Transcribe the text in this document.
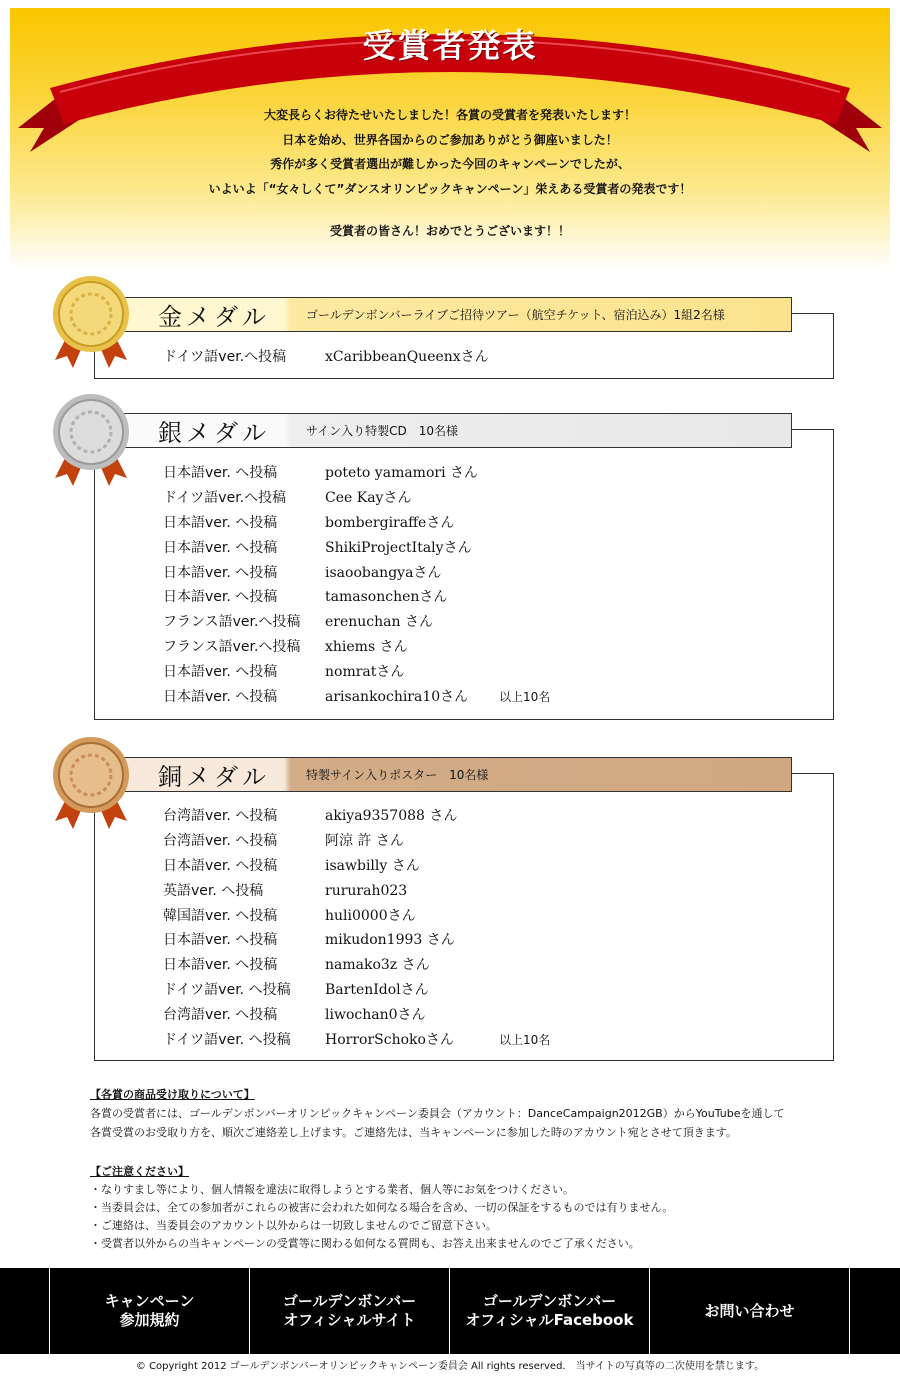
受賞者発表
大変長らくお待たせいたしました！各賞の受賞者を発表いたします！
日本を始め、世界各国からのご参加ありがとう御座いました！
秀作が多く受賞者選出が難しかった今回のキャンペーンでしたが、
いよいよ「“女々しくて”ダンスオリンピックキャンペーン」栄えある受賞者の発表です！
受賞者の皆さん！おめでとうございます！！
金メダル	ゴールデンボンバーライブご招待ツアー（航空チケット、宿泊込み）1組2名様
ドイツ語ver.へ投稿	xCaribbeanQueenxさん
銀メダル	サイン入り特製CD　10名様
日本語ver. へ投稿	poteto yamamori さん
ドイツ語ver.へ投稿	Cee Kayさん
日本語ver. へ投稿	bombergiraffeさん
日本語ver. へ投稿	ShikiProjectItalyさん
日本語ver. へ投稿	isaoobangyaさん
日本語ver. へ投稿	tamasonchenさん
フランス語ver.へ投稿 erenuchan さん
フランス語ver.へ投稿 xhiems さん
日本語ver. へ投稿	nomratさん
日本語ver. へ投稿	arisankochira10さん	以上10名
銅メダル	特製サイン入りポスター　10名様
台湾語ver. へ投稿	akiya9357088 さん
台湾語ver. へ投稿	阿涼 許 さん
日本語ver. へ投稿	isawbilly さん
英語ver. へ投稿	rururah023
韓国語ver. へ投稿	huli0000さん
日本語ver. へ投稿	mikudon1993 さん
日本語ver. へ投稿	namako3z さん
ドイツ語ver. へ投稿 BartenIdolさん
台湾語ver. へ投稿	liwochan0さん
ドイツ語ver. へ投稿 HorrorSchokoさん	以上10名
【各賞の商品受け取りについて】
各賞の受賞者には、ゴールデンボンバーオリンピックキャンペーン委員会（アカウント：DanceCampaign2012GB）からYouTubeを通して
各賞受賞のお受取り方を、順次ご連絡差し上げます。ご連絡先は、当キャンペーンに参加した時のアカウント宛とさせて頂きます。
【ご注意ください】
・なりすまし等により、個人情報を違法に取得しようとする業者、個人等にお気をつけください。
・当委員会は、全ての参加者がこれらの被害に会われた如何なる場合を含め、一切の保証をするものでは有りません。
・ご連絡は、当委員会のアカウント以外からは一切致しませんのでご留意下さい。
・受賞者以外からの当キャンペーンの受賞等に関わる如何なる質問も、お答え出来ませんのでご了承ください。
キャンペーン
参加規約
ゴールデンボンバー
オフィシャルサイト
ゴールデンボンバー
オフィシャルFacebook
お問い合わせ
© Copyright 2012 ゴールデンボンバーオリンピックキャンペーン委員会 All rights reserved.　当サイトの写真等の二次使用を禁じます。
